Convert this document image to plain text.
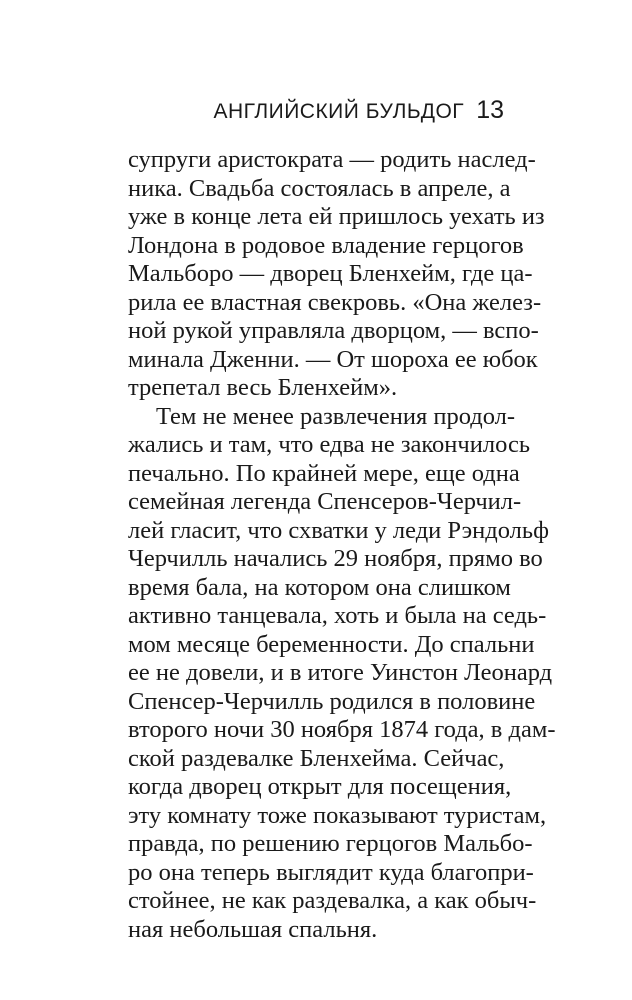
АНГЛИЙСКИЙ БУЛЬДОГ 13
супруги аристократа — родить наслед-
ника. Свадьба состоялась в апреле, а
уже в конце лета ей пришлось уехать из
Лондона в родовое владение герцогов
Мальборо — дворец Бленхейм, где ца-
рила ее властная свекровь. «Она желез-
ной рукой управляла дворцом, — вспо-
минала Дженни. — От шороха ее юбок
трепетал весь Бленхейм».
Тем не менее развлечения продол-
жались и там, что едва не закончилось
печально. По крайней мере, еще одна
семейная легенда Спенсеров-Черчил-
лей гласит, что схватки у леди Рэндольф
Черчилль начались 29 ноября, прямо во
время бала, на котором она слишком
активно танцевала, хоть и была на седь-
мом месяце беременности. До спальни
ее не довели, и в итоге Уинстон Леонард
Спенсер-Черчилль родился в половине
второго ночи 30 ноября 1874 года, в дам-
ской раздевалке Бленхейма. Сейчас,
когда дворец открыт для посещения,
эту комнату тоже показывают туристам,
правда, по решению герцогов Мальбо-
ро она теперь выглядит куда благопри-
стойнее, не как раздевалка, а как обыч-
ная небольшая спальня.
